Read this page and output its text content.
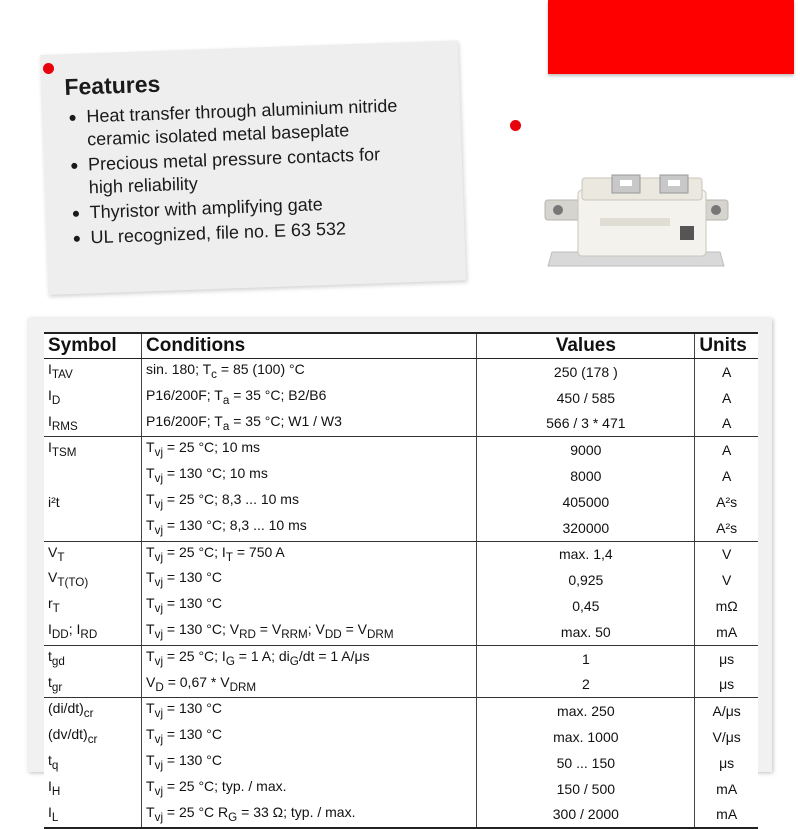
Features
● Heat transfer through aluminium nitride ceramic isolated metal baseplate
● Precious metal pressure contacts for high reliability
● Thyristor with amplifying gate
● UL recognized, file no. E 63 532
Symbol	Conditions	Values	Units
$I_{TAV}$	sin. 180; $T_c = 85$ (100) °C	250 (178 )	A
$I_D$	P16/200F; $T_a = 35$ °C; B2/B6	450 / 585	A
$I_{RMS}$	P16/200F; $T_a = 35$ °C; W1 / W3	566 / 3 * 471	A
$I_{TSM}$	$T_{vj} = 25$ °C; 10 ms	9000	A
	$T_{vj} = 130$ °C; 10 ms	8000	A
i²t	$T_{vj} = 25$ °C; 8,3 ... 10 ms	405000	A²s
	$T_{vj} = 130$ °C; 8,3 ... 10 ms	320000	A²s
$V_T$	$T_{vj} = 25$ °C; $I_T = 750$ A	max. 1,4	V
$V_{T(TO)}$	$T_{vj} = 130$ °C	0,925	V
$r_T$	$T_{vj} = 130$ °C	0,45	mΩ
$I_{DD}$; $I_{RD}$	$T_{vj} = 130$ °C; $V_{RD} = V_{RRM}$; $V_{DD} = V_{DRM}$	max. 50	mA
$t_{gd}$	$T_{vj} = 25$ °C; $I_G = 1$ A; $di_G/dt = 1$ A/μs	1	μs
$t_{gr}$	$V_D = 0,67 * V_{DRM}$	2	μs
$(di/dt)_{cr}$	$T_{vj} = 130$ °C	max. 250	A/μs
$(dv/dt)_{cr}$	$T_{vj} = 130$ °C	max. 1000	V/μs
$t_q$	$T_{vj} = 130$ °C	50 ... 150	μs
$I_H$	$T_{vj} = 25$ °C; typ. / max.	150 / 500	mA
$I_L$	$T_{vj} = 25$ °C $R_G = 33$ Ω; typ. / max.	300 / 2000	mA
